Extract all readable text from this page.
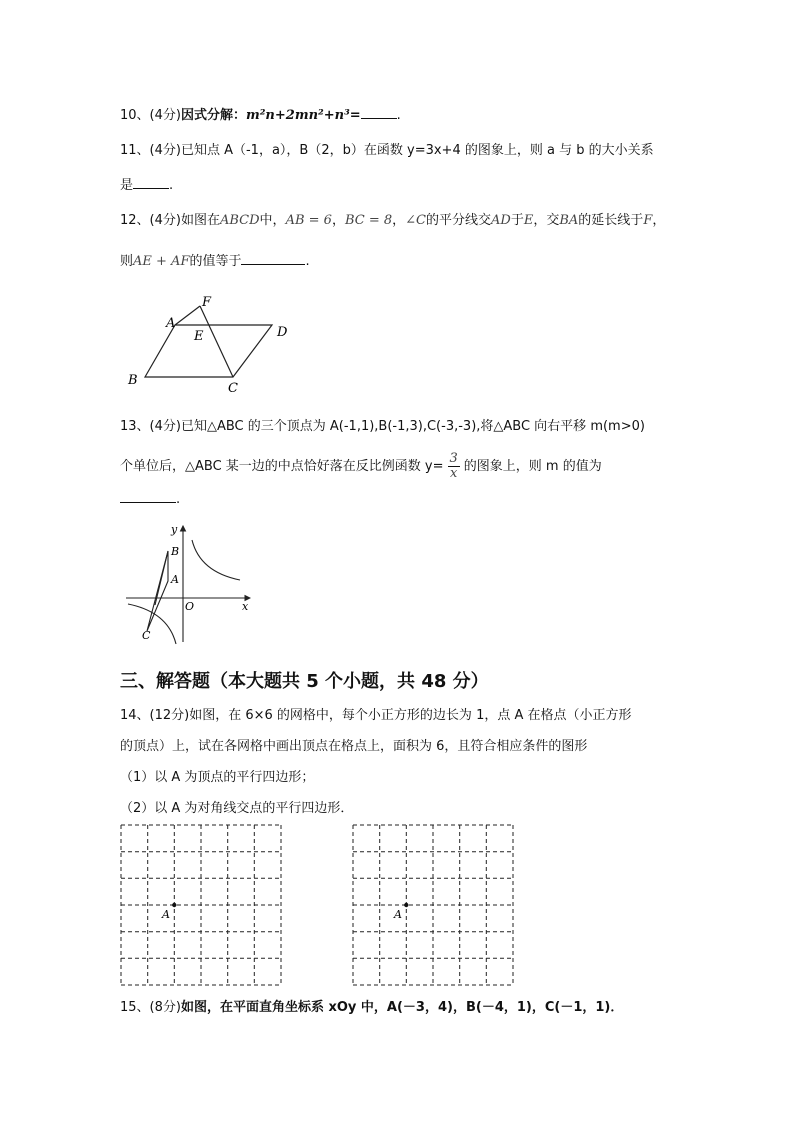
10、(4分)因式分解：m²n+2mn²+n³=	.
11、(4分)已知点 A（-1，a），B（2，b）在函数 y=3x+4 的图象上，则 a 与 b 的大小关系
是	.
12、(4分)如图在ABCD中，AB = 6，BC = 8，∠C的平分线交AD于E，交BA的延长线于F，
则AE + AF的值等于	.
F
A
E	D
B
C
13、(4分)已知△ABC 的三个顶点为 A(-1,1),B(-1,3),C(-3,-3),将△ABC 向右平移 m(m>0)
个单位后，△ABC 某一边的中点恰好落在反比例函数 $y= \frac{3}{x}$ 的图象上，则 m 的值为
.
y
x
O
B
A
C
三、解答题（本大题共 5 个小题，共 48 分）
14、(12分)如图，在 6×6 的网格中，每个小正方形的边长为 1，点 A 在格点（小正方形
的顶点）上，试在各网格中画出顶点在格点上，面积为 6，且符合相应条件的图形
（1）以 A 为顶点的平行四边形；
（2）以 A 为对角线交点的平行四边形．
A	A
15、(8分)如图，在平面直角坐标系 xOy 中，A(－3，4)，B(－4，1)，C(－1，1)．
